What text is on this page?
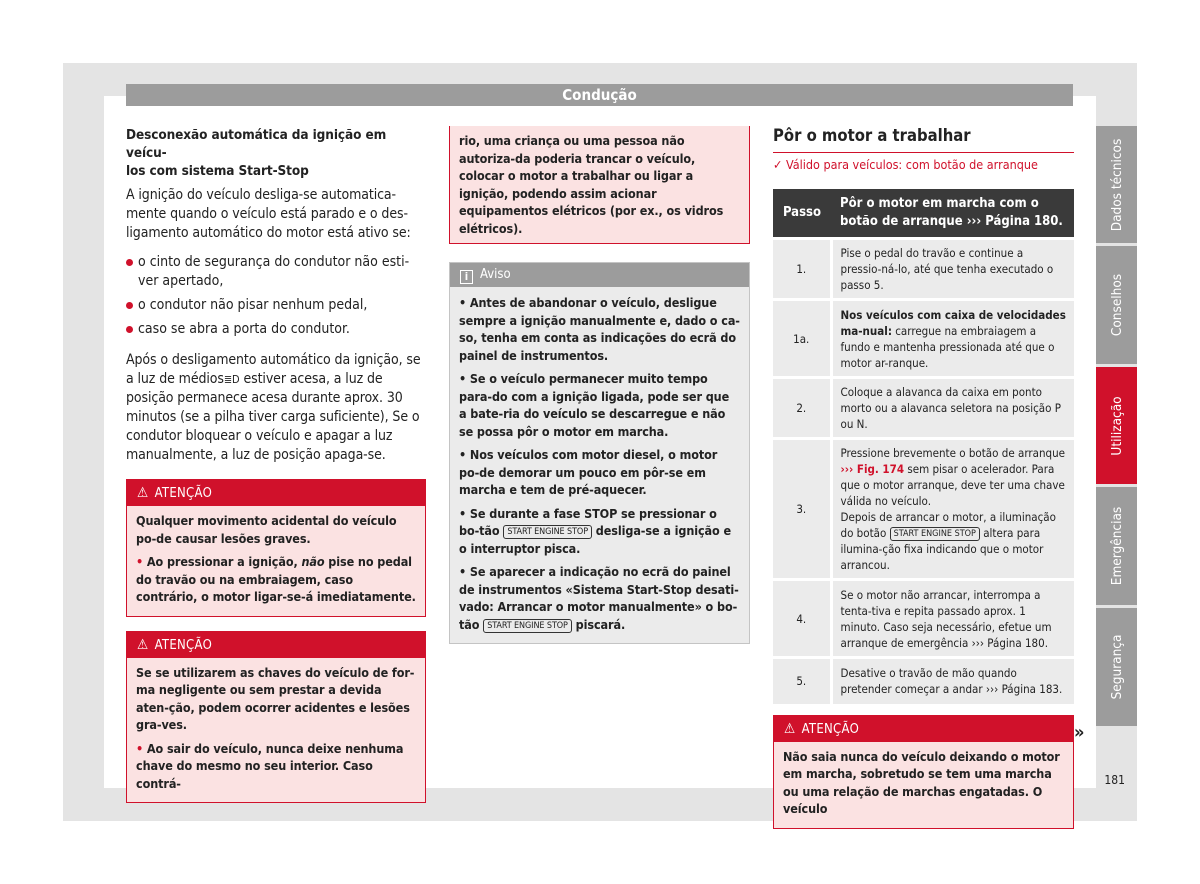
Condução

Desconexão automática da ignição em veícu-
los com sistema Start-Stop

A ignição do veículo desliga-se automatica-mente quando o veículo está parado e o des-ligamento automático do motor está ativo se:

o cinto de segurança do condutor não esti-ver apertado,
o condutor não pisar nenhum pedal,
caso se abra a porta do condutor.

Após o desligamento automático da ignição, se a luz de médios≣D estiver acesa, a luz de posição permanece acesa durante aprox. 30 minutos (se a pilha tiver carga suficiente), Se o condutor bloquear o veículo e apagar a luz manualmente, a luz de posição apaga-se.

⚠ ATENÇÃO

Qualquer movimento acidental do veículo po-de causar lesões graves.

• Ao pressionar a ignição, não pise no pedal do travão ou na embraiagem, caso contrário, o motor ligar-se-á imediatamente.

⚠ ATENÇÃO

Se se utilizarem as chaves do veículo de for-ma negligente ou sem prestar a devida aten-ção, podem ocorrer acidentes e lesões gra-ves.

• Ao sair do veículo, nunca deixe nenhuma chave do mesmo no seu interior. Caso contrá-

rio, uma criança ou uma pessoa não autoriza-da poderia trancar o veículo, colocar o motor a trabalhar ou ligar a ignição, podendo assim acionar equipamentos elétricos (por ex., os vidros elétricos).

i Aviso

• Antes de abandonar o veículo, desligue sempre a ignição manualmente e, dado o ca-so, tenha em conta as indicações do ecrã do painel de instrumentos.

• Se o veículo permanecer muito tempo para-do com a ignição ligada, pode ser que a bate-ria do veículo se descarregue e não se possa pôr o motor em marcha.

• Nos veículos com motor diesel, o motor po-de demorar um pouco em pôr-se em marcha e tem de pré-aquecer.

• Se durante a fase STOP se pressionar o bo-tão START ENGINE STOP desliga-se a ignição e o interruptor pisca.

• Se aparecer a indicação no ecrã do painel de instrumentos «Sistema Start-Stop desati-vado: Arrancar o motor manualmente» o bo-tão START ENGINE STOP piscará.

Pôr o motor a trabalhar
✓ Válido para veículos: com botão de arranque
Passo	Pôr o motor em marcha com o botão de arranque ››› Página 180.
1.	Pise o pedal do travão e continue a pressio-ná-lo, até que tenha executado o passo 5.
1a.	Nos veículos com caixa de velocidades ma-nual: carregue na embraiagem a fundo e mantenha pressionada até que o motor ar-ranque.
2.	Coloque a alavanca da caixa em ponto morto ou a alavanca seletora na posição P ou N.
3.	Pressione brevemente o botão de arranque ››› Fig. 174 sem pisar o acelerador. Para que o motor arranque, deve ter uma chave válida no veículo.
Depois de arrancar o motor, a iluminação do botão START ENGINE STOP altera para ilumina-ção fixa indicando que o motor arrancou.
4.	Se o motor não arrancar, interrompa a tenta-tiva e repita passado aprox. 1 minuto. Caso seja necessário, efetue um arranque de emergência ››› Página 180.
5.	Desative o travão de mão quando pretender começar a andar ››› Página 183.
⚠ ATENÇÃO

Não saia nunca do veículo deixando o motor em marcha, sobretudo se tem uma marcha ou uma relação de marchas engatadas. O veículo

»
Dados técnicos
Conselhos
Utilização
Emergências
Segurança
181
